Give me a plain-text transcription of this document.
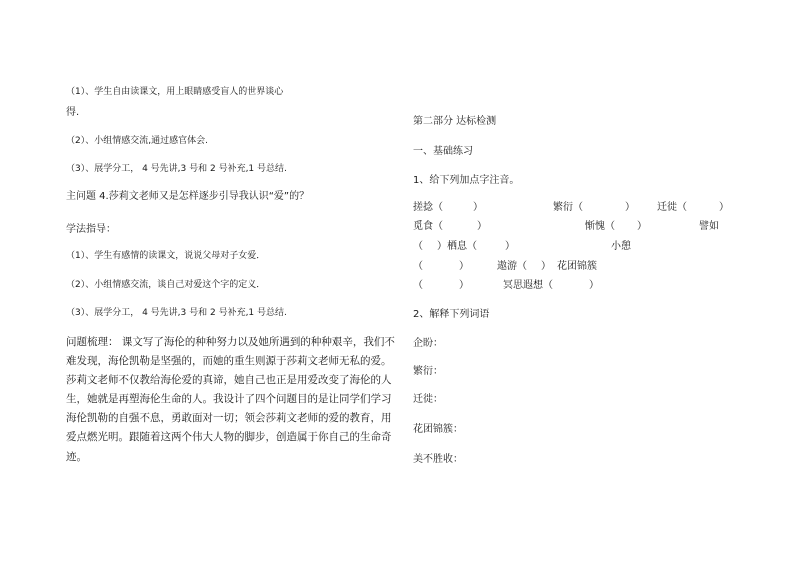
（1）、学生自由读课文，用上眼睛感受盲人的世界谈心
得.
（2）、小组情感交流,通过感官体会.
（3）、展学分工， 4 号先讲,3 号和 2 号补充,1 号总结.
主问题 4.莎莉文老师又是怎样逐步引导我认识“爱”的？
学法指导：
（1）、学生有感情的读课文，说说父母对子女爱．
（2）、小组情感交流，谈自己对爱这个字的定义．
（3）、展学分工， 4 号先讲,3 号和 2 号补充,1 号总结.
问题梳理： 课文写了海伦的种种努力以及她所遇到的种种艰辛，我们不
难发现，海伦凯勒是坚强的，而她的重生则源于莎莉文老师无私的爱。
莎莉文老师不仅教给海伦爱的真谛，她自己也正是用爱改变了海伦的人
生，她就是再塑海伦生命的人。我设计了四个问题目的是让同学们学习
海伦凯勒的自强不息，勇敢面对一切；领会莎莉文老师的爱的教育，用
爱点燃光明。跟随着这两个伟大人物的脚步，创造属于你自己的生命奇
迹。
第二部分 达标检测
一、基础练习
1、给下列加点字注音。
搓捻（	）	繁衍（	） 迁徙（	）
觅食（	）	惭愧（ ）	譬如
（ ）栖息（	）	小憩
（	）	遨游（ ） 花团锦簇
（	）	冥思遐想（	）
2、解释下列词语
企盼：
繁衍：
迁徙：
花团锦簇：
美不胜收：
